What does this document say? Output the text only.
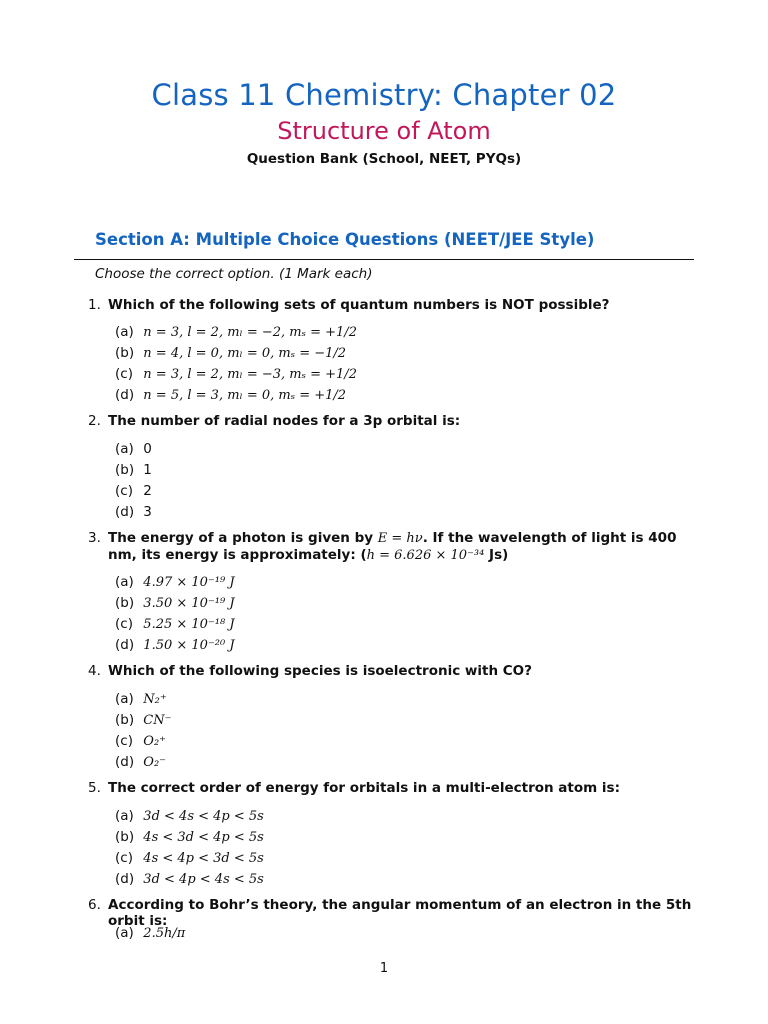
Class 11 Chemistry: Chapter 02
Structure of Atom
Question Bank (School, NEET, PYQs)
Section A: Multiple Choice Questions (NEET/JEE Style)
Choose the correct option. (1 Mark each)
1. Which of the following sets of quantum numbers is NOT possible?
(a) n = 3, l = 2, mₗ = −2, mₛ = +1/2
(b) n = 4, l = 0, mₗ = 0, mₛ = −1/2
(c) n = 3, l = 2, mₗ = −3, mₛ = +1/2
(d) n = 5, l = 3, mₗ = 0, mₛ = +1/2
2. The number of radial nodes for a 3p orbital is:
(a) 0
(b) 1
(c) 2
(d) 3
3. The energy of a photon is given by E = hν. If the wavelength of light is 400 nm, its energy is approximately: (h = 6.626 × 10⁻³⁴ Js)
(a) 4.97 × 10⁻¹⁹ J
(b) 3.50 × 10⁻¹⁹ J
(c) 5.25 × 10⁻¹⁸ J
(d) 1.50 × 10⁻²⁰ J
4. Which of the following species is isoelectronic with CO?
(a) N₂⁺
(b) CN⁻
(c) O₂⁺
(d) O₂⁻
5. The correct order of energy for orbitals in a multi-electron atom is:
(a) 3d < 4s < 4p < 5s
(b) 4s < 3d < 4p < 5s
(c) 4s < 4p < 3d < 5s
(d) 3d < 4p < 4s < 5s
6. According to Bohr’s theory, the angular momentum of an electron in the 5th orbit is:
(a) 2.5h/π
1
